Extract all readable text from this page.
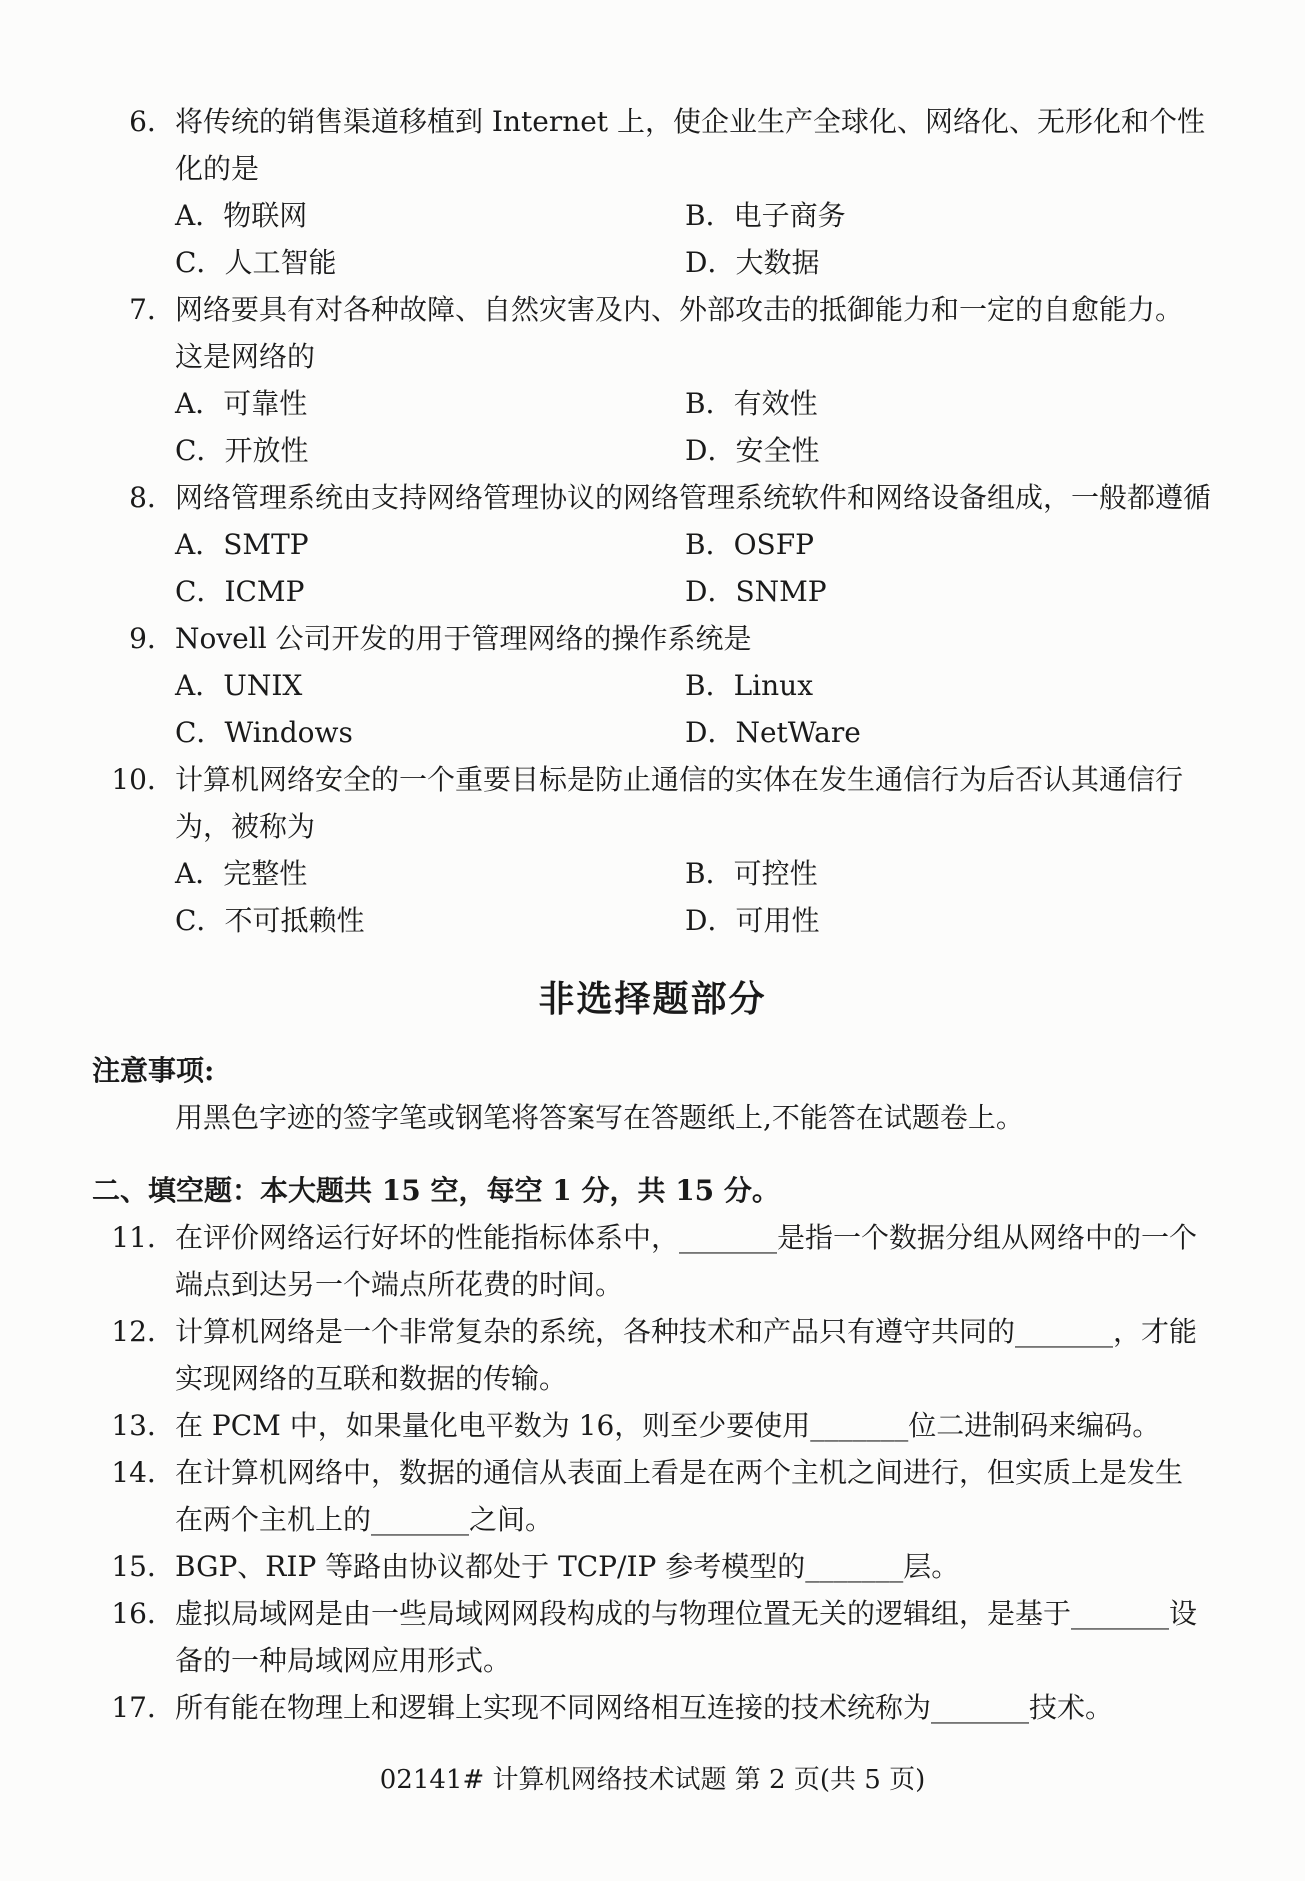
6．将传统的销售渠道移植到 Internet 上，使企业生产全球化、网络化、无形化和个性
化的是
A．物联网	B．电子商务
C．人工智能	D．大数据
7．网络要具有对各种故障、自然灾害及内、外部攻击的抵御能力和一定的自愈能力。
这是网络的
A．可靠性	B．有效性
C．开放性	D．安全性
8．网络管理系统由支持网络管理协议的网络管理系统软件和网络设备组成，一般都遵循
A．SMTP	B．OSFP
C．ICMP	D．SNMP
9．Novell 公司开发的用于管理网络的操作系统是
A．UNIX	B．Linux
C．Windows	D．NetWare
10．计算机网络安全的一个重要目标是防止通信的实体在发生通信行为后否认其通信行
为，被称为
A．完整性	B．可控性
C．不可抵赖性	D．可用性
非选择题部分
注意事项:
用黑色字迹的签字笔或钢笔将答案写在答题纸上,不能答在试题卷上。
二、填空题：本大题共 15 空，每空 1 分，共 15 分。
11．在评价网络运行好坏的性能指标体系中，_______是指一个数据分组从网络中的一个
端点到达另一个端点所花费的时间。
12．计算机网络是一个非常复杂的系统，各种技术和产品只有遵守共同的_______，才能
实现网络的互联和数据的传输。
13．在 PCM 中，如果量化电平数为 16，则至少要使用_______位二进制码来编码。
14．在计算机网络中，数据的通信从表面上看是在两个主机之间进行，但实质上是发生
在两个主机上的_______之间。
15．BGP、RIP 等路由协议都处于 TCP/IP 参考模型的_______层。
16．虚拟局域网是由一些局域网网段构成的与物理位置无关的逻辑组，是基于_______设
备的一种局域网应用形式。
17．所有能在物理上和逻辑上实现不同网络相互连接的技术统称为_______技术。
02141# 计算机网络技术试题 第 2 页(共 5 页)
